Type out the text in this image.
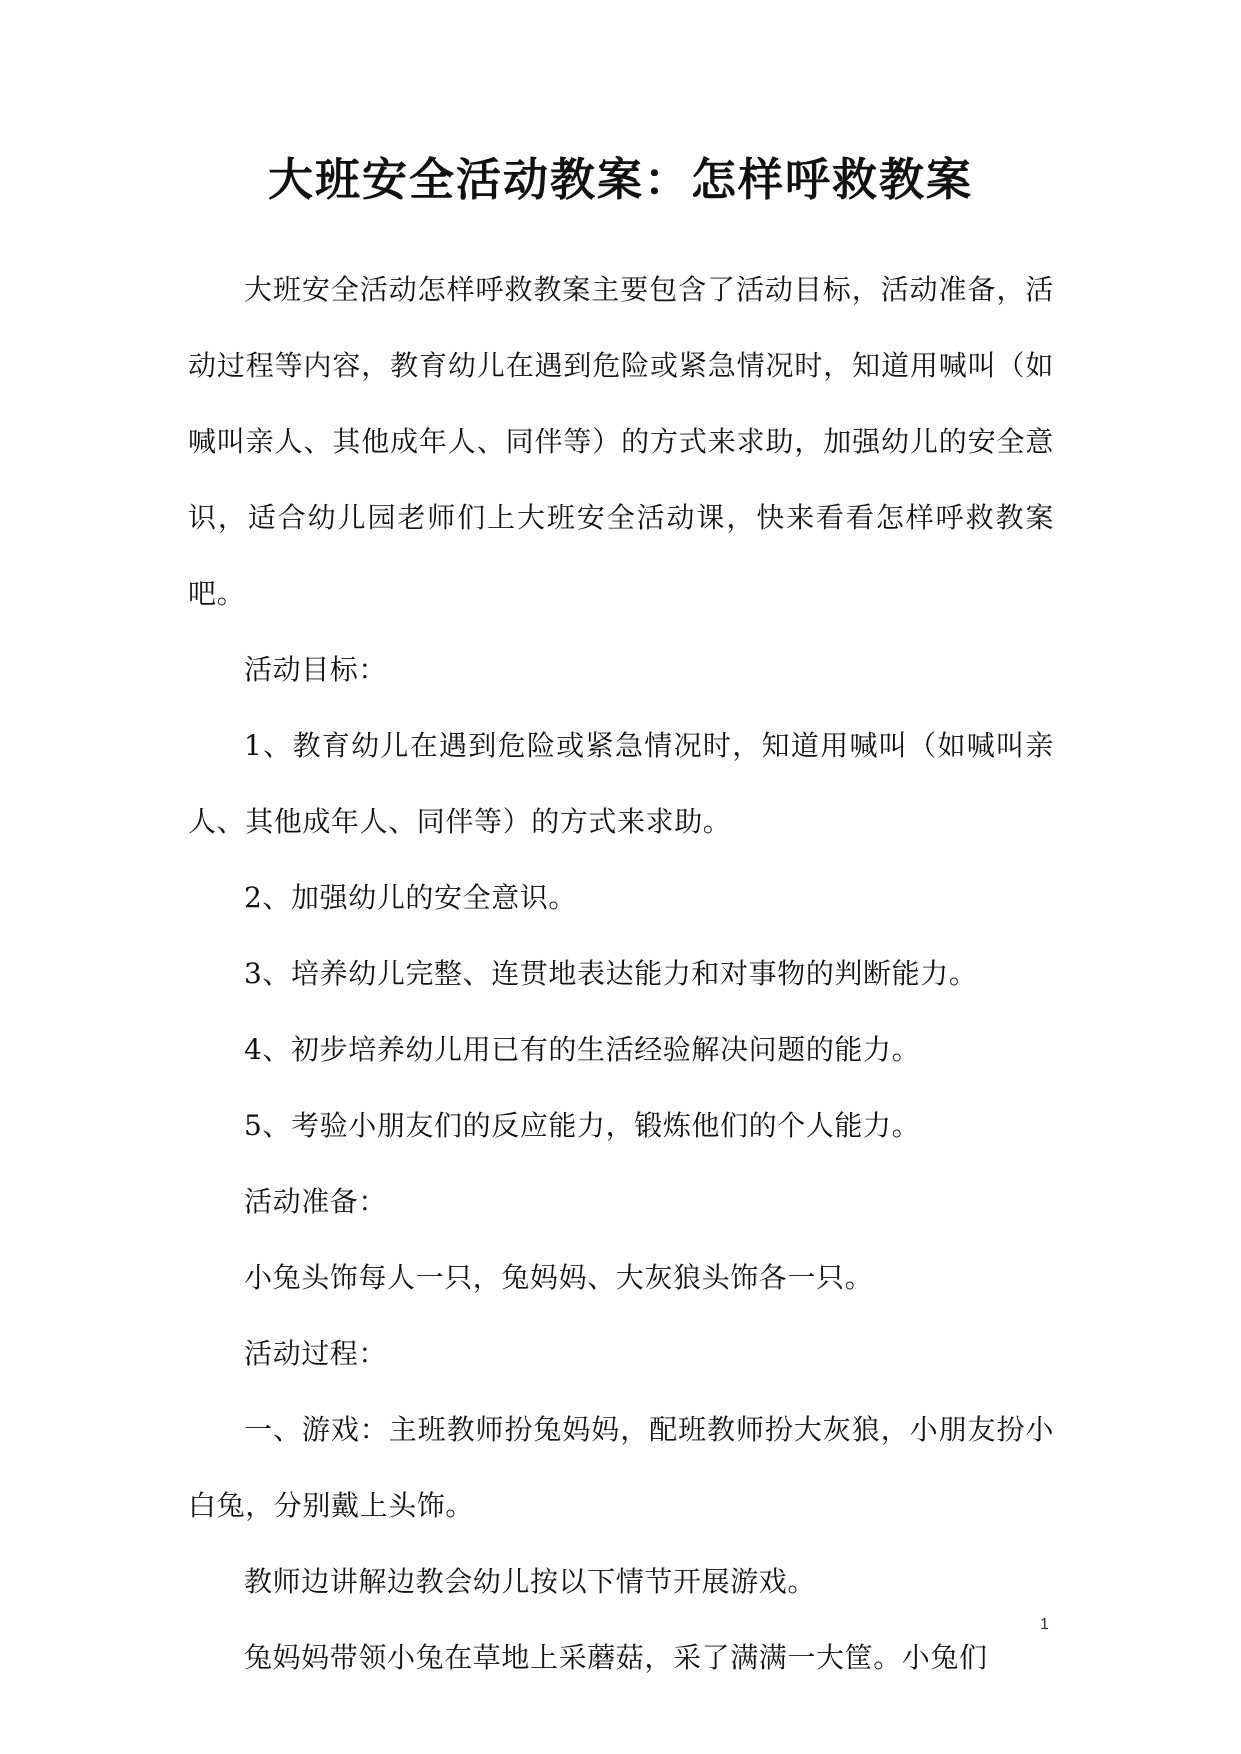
大班安全活动教案：怎样呼救教案

大班安全活动怎样呼救教案主要包含了活动目标，活动准备，活动过程等内容，教育幼儿在遇到危险或紧急情况时，知道用喊叫（如喊叫亲人、其他成年人、同伴等）的方式来求助，加强幼儿的安全意识，适合幼儿园老师们上大班安全活动课，快来看看怎样呼救教案吧。

活动目标：

1、教育幼儿在遇到危险或紧急情况时，知道用喊叫（如喊叫亲人、其他成年人、同伴等）的方式来求助。

2、加强幼儿的安全意识。

3、培养幼儿完整、连贯地表达能力和对事物的判断能力。

4、初步培养幼儿用已有的生活经验解决问题的能力。

5、考验小朋友们的反应能力，锻炼他们的个人能力。

活动准备：

小兔头饰每人一只，兔妈妈、大灰狼头饰各一只。

活动过程：

一、游戏：主班教师扮兔妈妈，配班教师扮大灰狼，小朋友扮小白兔，分别戴上头饰。

教师边讲解边教会幼儿按以下情节开展游戏。

兔妈妈带领小兔在草地上采蘑菇，采了满满一大筐。小兔们

1
